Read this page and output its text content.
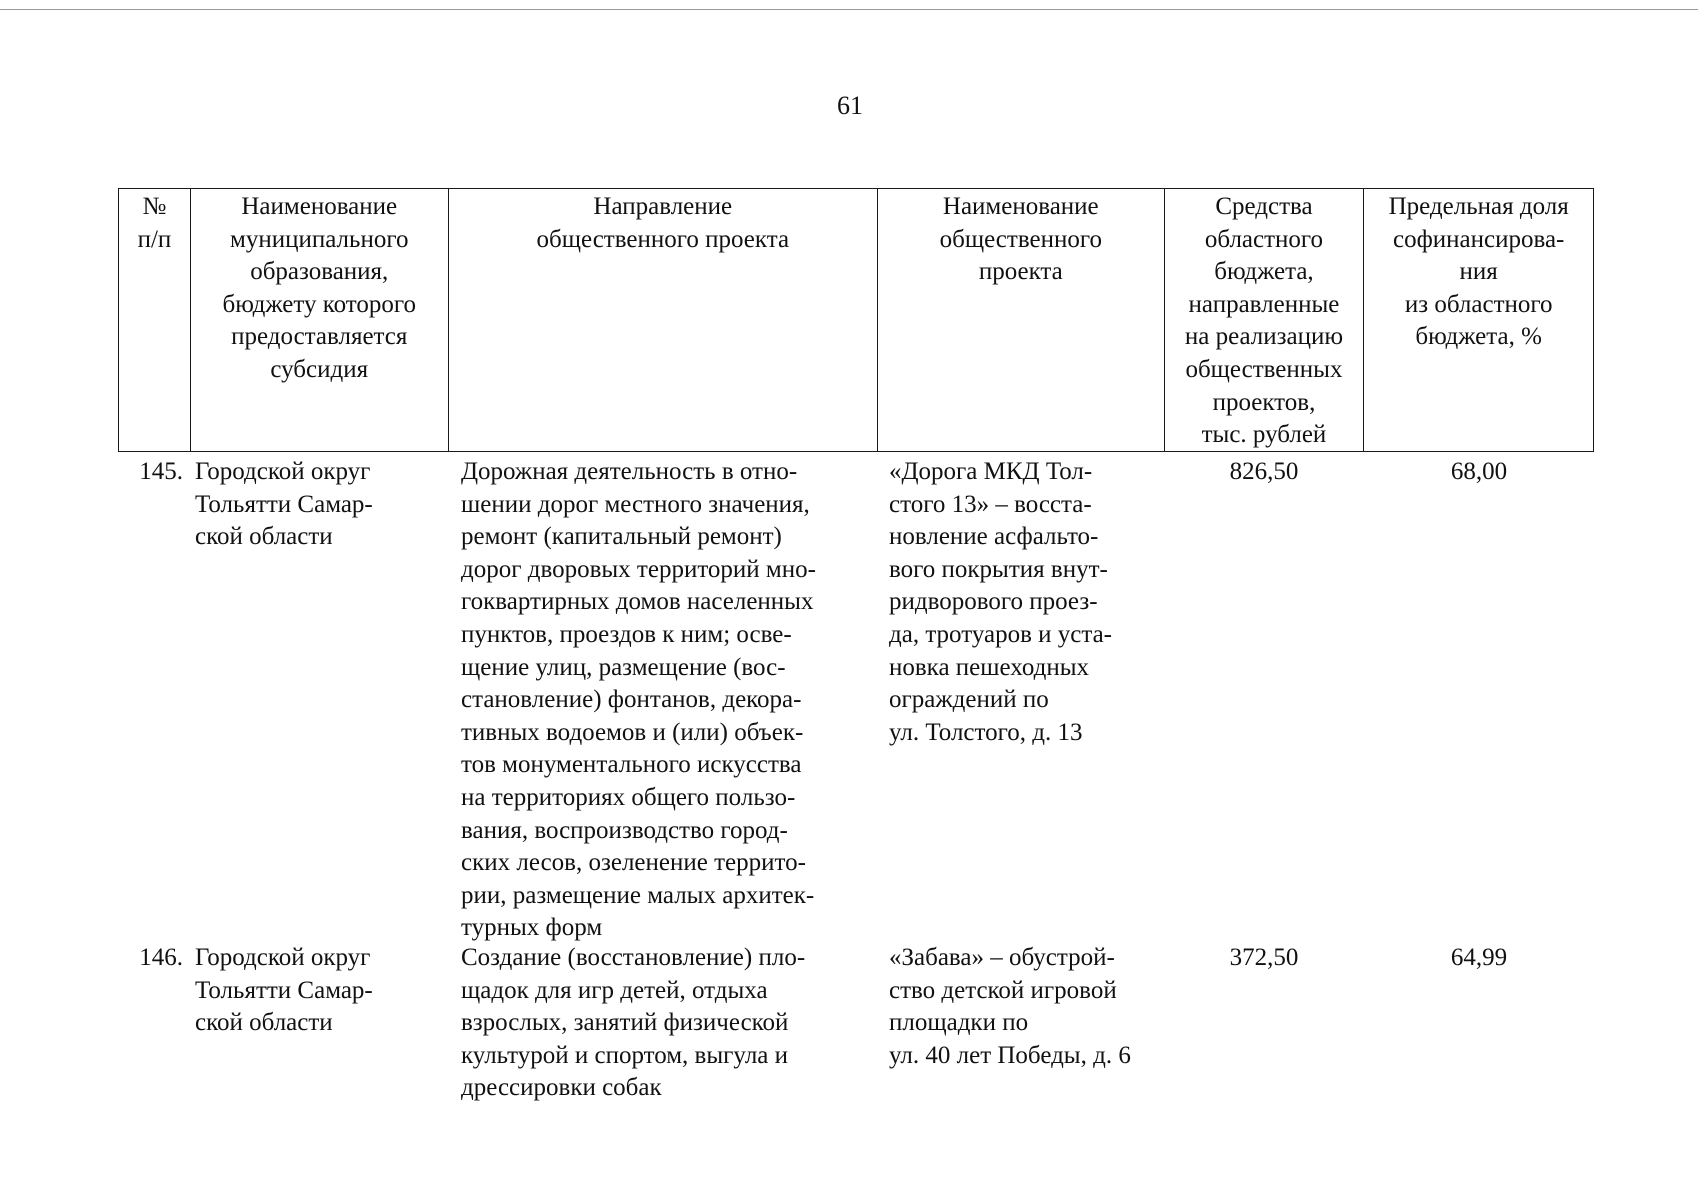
61
№
п/п
Наименование
муниципального
образования,
бюджету которого
предоставляется
субсидия
Направление
общественного проекта
Наименование
общественного
проекта
Средства
областного
бюджета,
направленные
на реализацию
общественных
проектов,
тыс. рублей
Предельная доля
софинансирова-
ния
из областного
бюджета, %
145. Городской округ
Тольятти Самар-
ской области
Дорожная деятельность в отно-
шении дорог местного значения,
ремонт (капитальный ремонт)
дорог дворовых территорий мно-
гоквартирных домов населенных
пунктов, проездов к ним; осве-
щение улиц, размещение (вос-
становление) фонтанов, декора-
тивных водоемов и (или) объек-
тов монументального искусства
на территориях общего пользо-
вания, воспроизводство город-
ских лесов, озеленение террито-
рии, размещение малых архитек-
турных форм
«Дорога МКД Тол-
стого 13» – восста-
новление асфальто-
вого покрытия внут-
ридворового проез-
да, тротуаров и уста-
новка пешеходных
ограждений по
ул. Толстого, д. 13
826,50	68,00
146. Городской округ
Тольятти Самар-
ской области
Создание (восстановление) пло-
щадок для игр детей, отдыха
взрослых, занятий физической
культурой и спортом, выгула и
дрессировки собак
«Забава» – обустрой-
ство детской игровой
площадки по
ул. 40 лет Победы, д. 6
372,50	64,99
